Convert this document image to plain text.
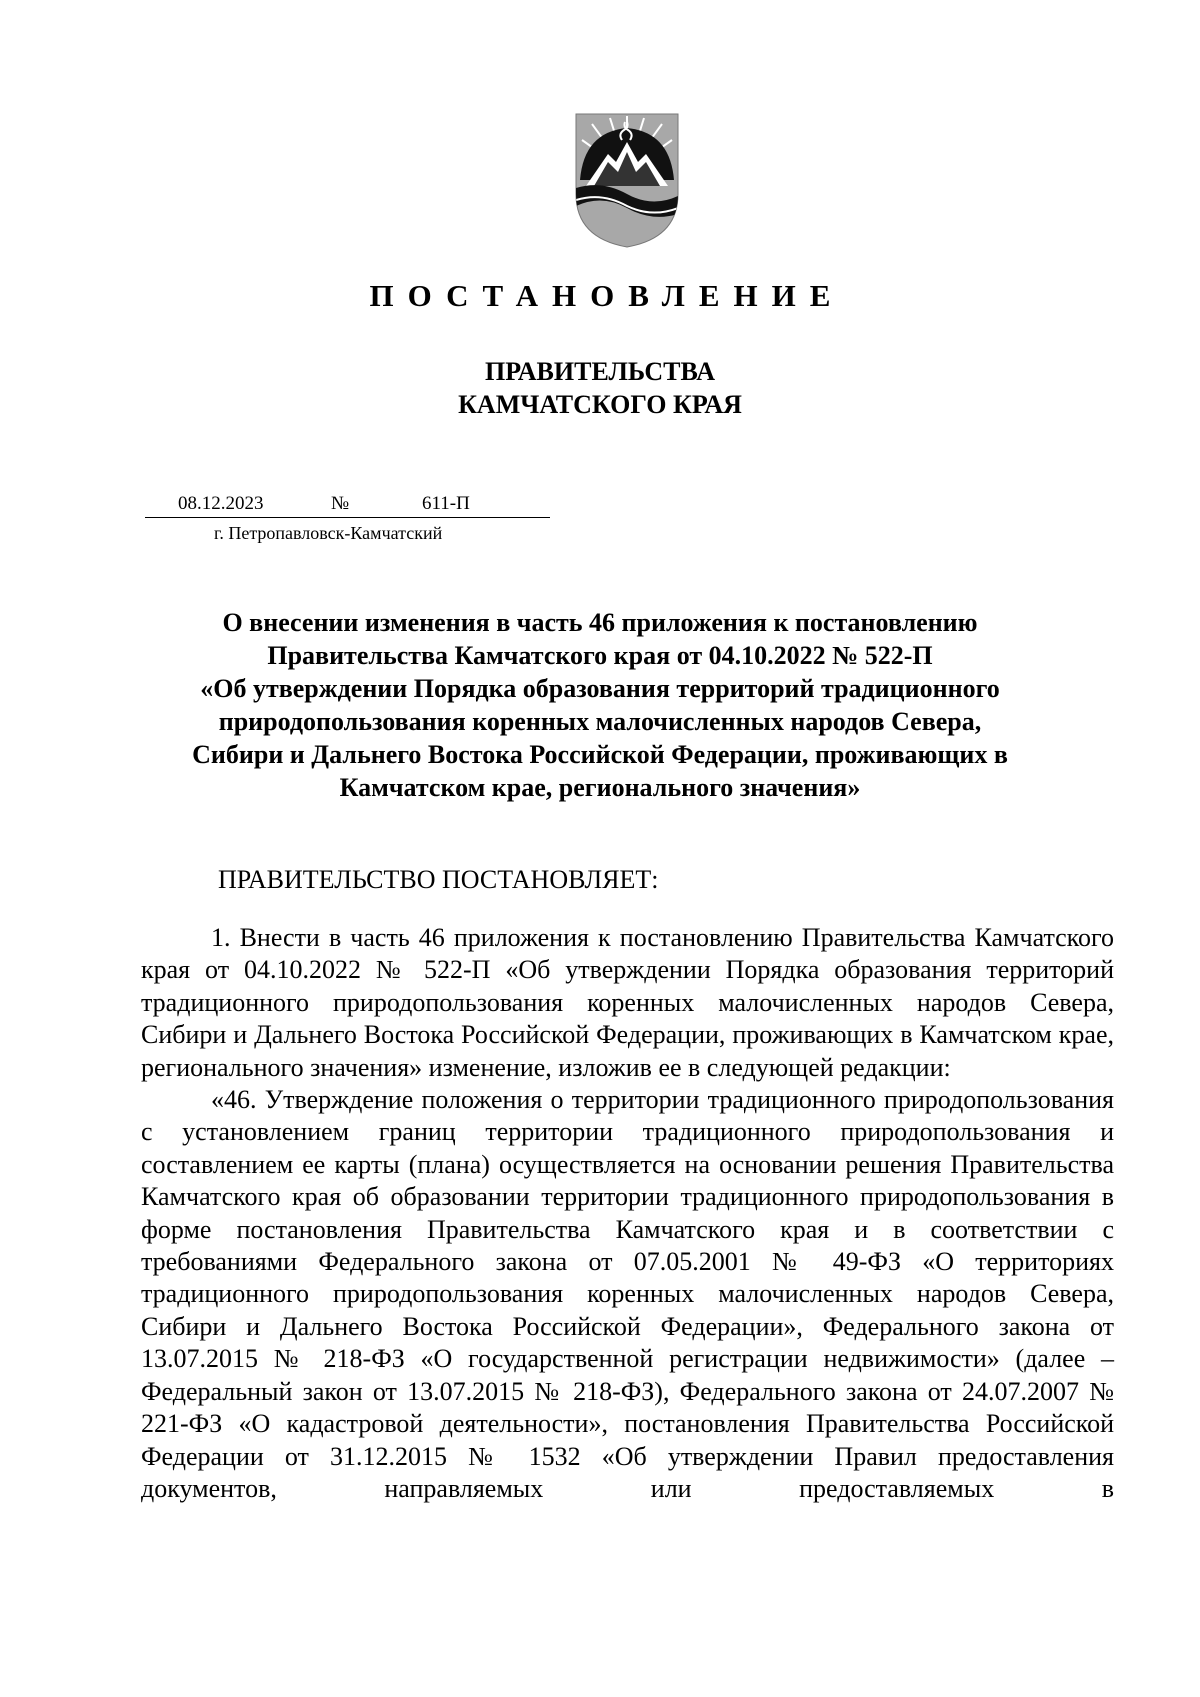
ПОСТАНОВЛЕНИЕ
ПРАВИТЕЛЬСТВА
КАМЧАТСКОГО КРАЯ
08.12.2023	№	611-П
г. Петропавловск-Камчатский
О внесении изменения в часть 46 приложения к постановлению
Правительства Камчатского края от 04.10.2022 № 522-П
«Об утверждении Порядка образования территорий традиционного
природопользования коренных малочисленных народов Севера,
Сибири и Дальнего Востока Российской Федерации, проживающих в
Камчатском крае, регионального значения»
ПРАВИТЕЛЬСТВО ПОСТАНОВЛЯЕТ:

1. Внести в часть 46 приложения к постановлению Правительства Камчатского края от 04.10.2022 № 522-П «Об утверждении Порядка образования территорий традиционного природопользования коренных малочисленных народов Севера, Сибири и Дальнего Востока Российской Федерации, проживающих в Камчатском крае, регионального значения» изменение, изложив ее в следующей редакции:

«46. Утверждение положения о территории традиционного природопользования с установлением границ территории традиционного природопользования и составлением ее карты (плана) осуществляется на основании решения Правительства Камчатского края об образовании территории традиционного природопользования в форме постановления Правительства Камчатского края и в соответствии с требованиями Федерального закона от 07.05.2001 № 49-ФЗ «О территориях традиционного природопользования коренных малочисленных народов Севера, Сибири и Дальнего Востока Российской Федерации», Федерального закона от 13.07.2015 № 218-ФЗ «О государственной регистрации недвижимости» (далее – Федеральный закон от 13.07.2015 № 218-ФЗ), Федерального закона от 24.07.2007 № 221-ФЗ «О кадастровой деятельности», постановления Правительства Российской Федерации от 31.12.2015 № 1532 «Об утверждении Правил предоставления документов, направляемых или предоставляемых в
